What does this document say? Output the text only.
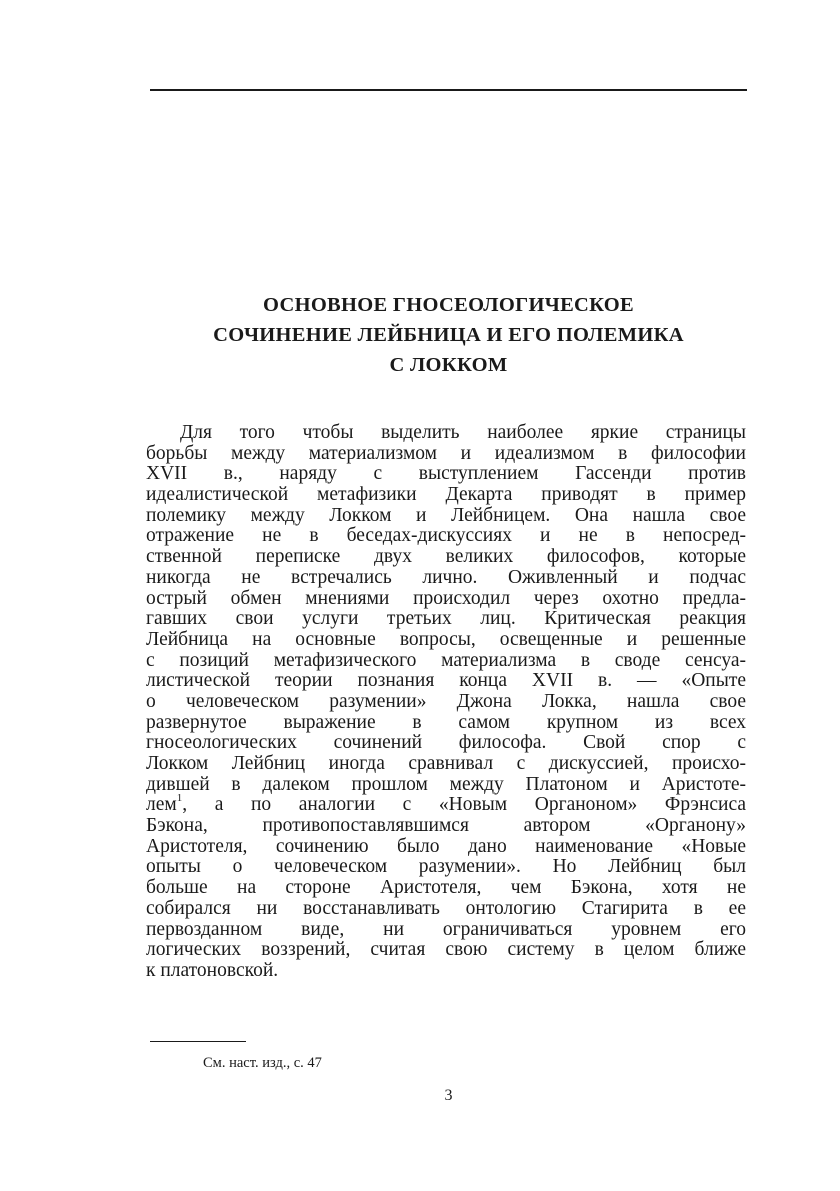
ОСНОВНОЕ ГНОСЕОЛОГИЧЕСКОЕ
СОЧИНЕНИЕ ЛЕЙБНИЦА И ЕГО ПОЛЕМИКА
С ЛОККОМ
Для того чтобы выделить наиболее яркие страницы
борьбы между материализмом и идеализмом в философии
XVII в., наряду с выступлением Гассенди против
идеалистической метафизики Декарта приводят в пример
полемику между Локком и Лейбницем. Она нашла свое
отражение не в беседах-дискуссиях и не в непосред-
ственной переписке двух великих философов, которые
никогда не встречались лично. Оживленный и подчас
острый обмен мнениями происходил через охотно предла-
гавших свои услуги третьих лиц. Критическая реакция
Лейбница на основные вопросы, освещенные и решенные
с позиций метафизического материализма в своде сенсуа-
листической теории познания конца XVII в. — «Опыте
о человеческом разумении» Джона Локка, нашла свое
развернутое выражение в самом крупном из всех
гносеологических сочинений философа. Свой спор с
Локком Лейбниц иногда сравнивал с дискуссией, происхо-
дившей в далеком прошлом между Платоном и Аристоте-
лем$^1$, а по аналогии с «Новым Органоном» Фрэнсиса
Бэкона, противопоставлявшимся автором «Органону»
Аристотеля, сочинению было дано наименование «Новые
опыты о человеческом разумении». Но Лейбниц был
больше на стороне Аристотеля, чем Бэкона, хотя не
собирался ни восстанавливать онтологию Стагирита в ее
первозданном виде, ни ограничиваться уровнем его
логических воззрений, считая свою систему в целом ближе
к платоновской.
См. наст. изд., с. 47
3
